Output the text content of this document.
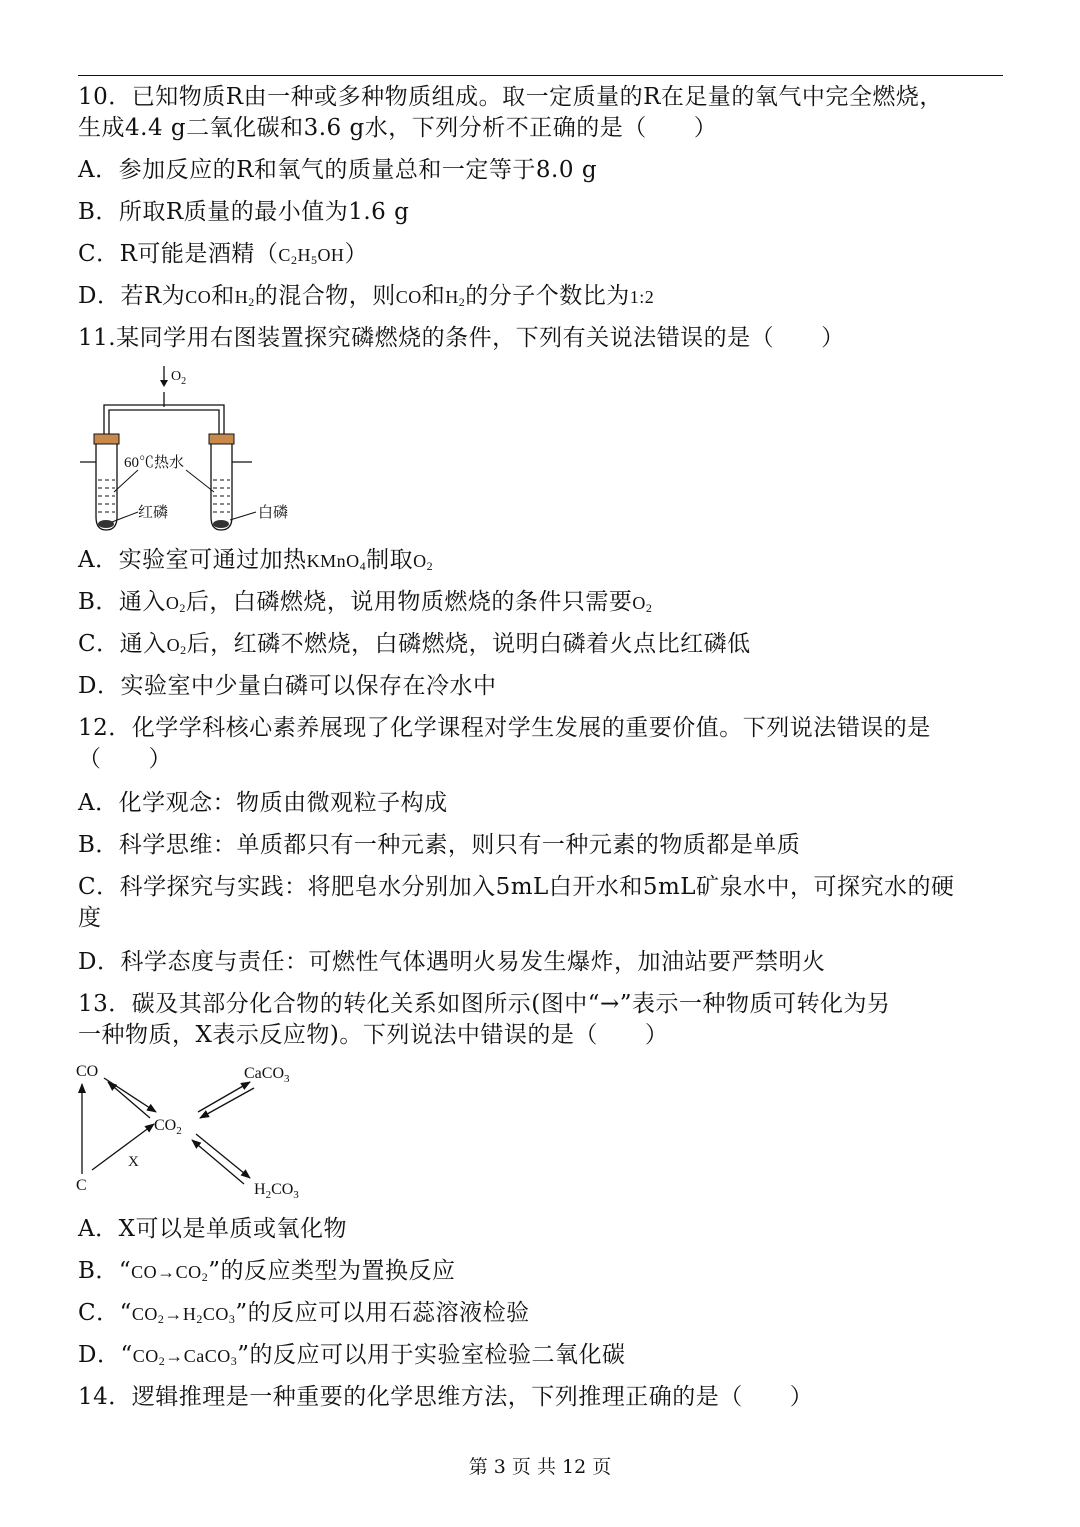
10．已知物质R由一种或多种物质组成。取一定质量的R在足量的氧气中完全燃烧，
生成4.4 g二氧化碳和3.6 g水，下列分析不正确的是（　　）
A．参加反应的R和氧气的质量总和一定等于8.0 g
B．所取R质量的最小值为1.6 g
C．R可能是酒精（C2H5OH）
D．若R为CO和H2的混合物，则CO和H2的分子个数比为1:2
11.某同学用右图装置探究磷燃烧的条件，下列有关说法错误的是（　　）
$O_2$
60℃热水
红磷	白磷
A．实验室可通过加热KMnO4制取O2
B．通入O2后，白磷燃烧，说用物质燃烧的条件只需要O2
C．通入O2后，红磷不燃烧，白磷燃烧，说明白磷着火点比红磷低
D．实验室中少量白磷可以保存在冷水中
12．化学学科核心素养展现了化学课程对学生发展的重要价值。下列说法错误的是
（　　）
A．化学观念：物质由微观粒子构成
B．科学思维：单质都只有一种元素，则只有一种元素的物质都是单质
C．科学探究与实践：将肥皂水分别加入5mL白开水和5mL矿泉水中，可探究水的硬
度
D．科学态度与责任：可燃性气体遇明火易发生爆炸，加油站要严禁明火
13．碳及其部分化合物的转化关系如图所示(图中“→”表示一种物质可转化为另
一种物质，X表示反应物)。下列说法中错误的是（　　）
CO	CaCO$_3$
$CO_2$
C	$H_2CO_3$
X
A．X可以是单质或氧化物
B．“CO→CO2”的反应类型为置换反应
C．“CO2→H2CO3”的反应可以用石蕊溶液检验
D．“CO2→CaCO3”的反应可以用于实验室检验二氧化碳
14．逻辑推理是一种重要的化学思维方法，下列推理正确的是（　　）
第 3 页 共 12 页
